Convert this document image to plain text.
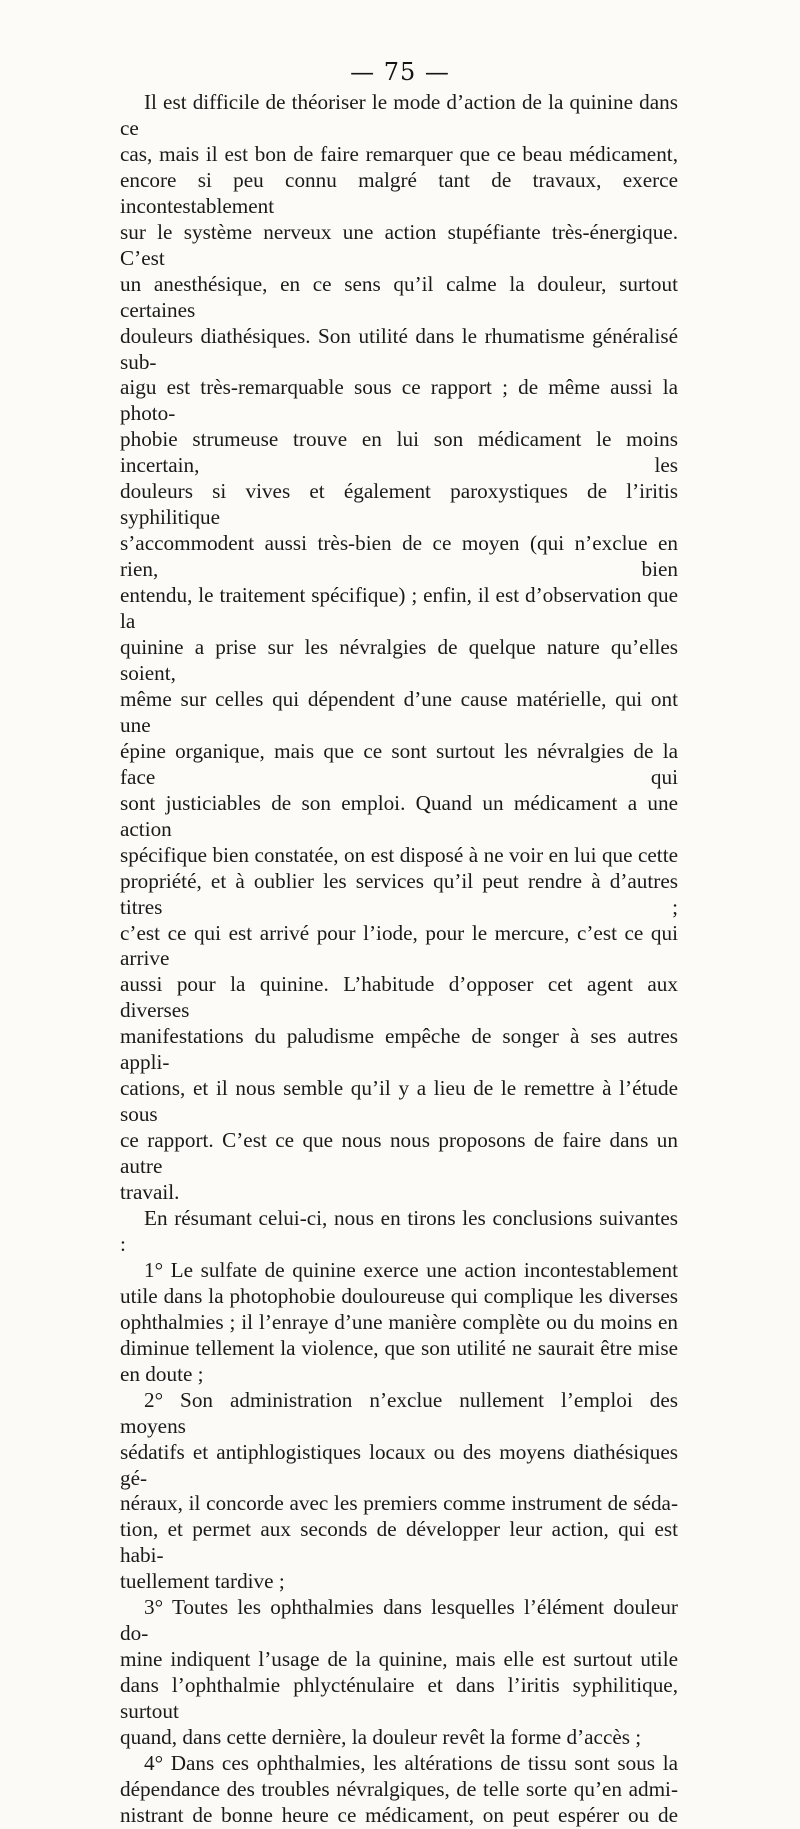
— 75 —

Il est difficile de théoriser le mode d’action de la quinine dans ce

cas, mais il est bon de faire remarquer que ce beau médicament,

encore si peu connu malgré tant de travaux, exerce incontestablement

sur le système nerveux une action stupéfiante très-énergique. C’est

un anesthésique, en ce sens qu’il calme la douleur, surtout certaines

douleurs diathésiques. Son utilité dans le rhumatisme généralisé sub-

aigu est très-remarquable sous ce rapport ; de même aussi la photo-

phobie strumeuse trouve en lui son médicament le moins incertain, les

douleurs si vives et également paroxystiques de l’iritis syphilitique

s’accommodent aussi très-bien de ce moyen (qui n’exclue en rien, bien

entendu, le traitement spécifique) ; enfin, il est d’observation que la

quinine a prise sur les névralgies de quelque nature qu’elles soient,

même sur celles qui dépendent d’une cause matérielle, qui ont une

épine organique, mais que ce sont surtout les névralgies de la face qui

sont justiciables de son emploi. Quand un médicament a une action

spécifique bien constatée, on est disposé à ne voir en lui que cette

propriété, et à oublier les services qu’il peut rendre à d’autres titres ;

c’est ce qui est arrivé pour l’iode, pour le mercure, c’est ce qui arrive

aussi pour la quinine. L’habitude d’opposer cet agent aux diverses

manifestations du paludisme empêche de songer à ses autres appli-

cations, et il nous semble qu’il y a lieu de le remettre à l’étude sous

ce rapport. C’est ce que nous nous proposons de faire dans un autre

travail.

En résumant celui-ci, nous en tirons les conclusions suivantes :

1° Le sulfate de quinine exerce une action incontestablement

utile dans la photophobie douloureuse qui complique les diverses

ophthalmies ; il l’enraye d’une manière complète ou du moins en

diminue tellement la violence, que son utilité ne saurait être mise

en doute ;

2° Son administration n’exclue nullement l’emploi des moyens

sédatifs et antiphlogistiques locaux ou des moyens diathésiques gé-

néraux, il concorde avec les premiers comme instrument de séda-

tion, et permet aux seconds de développer leur action, qui est habi-

tuellement tardive ;

3° Toutes les ophthalmies dans lesquelles l’élément douleur do-

mine indiquent l’usage de la quinine, mais elle est surtout utile

dans l’ophthalmie phlycténulaire et dans l’iritis syphilitique, surtout

quand, dans cette dernière, la douleur revêt la forme d’accès ;

4° Dans ces ophthalmies, les altérations de tissu sont sous la

dépendance des troubles névralgiques, de telle sorte qu’en admi-

nistrant de bonne heure ce médicament, on peut espérer ou de
